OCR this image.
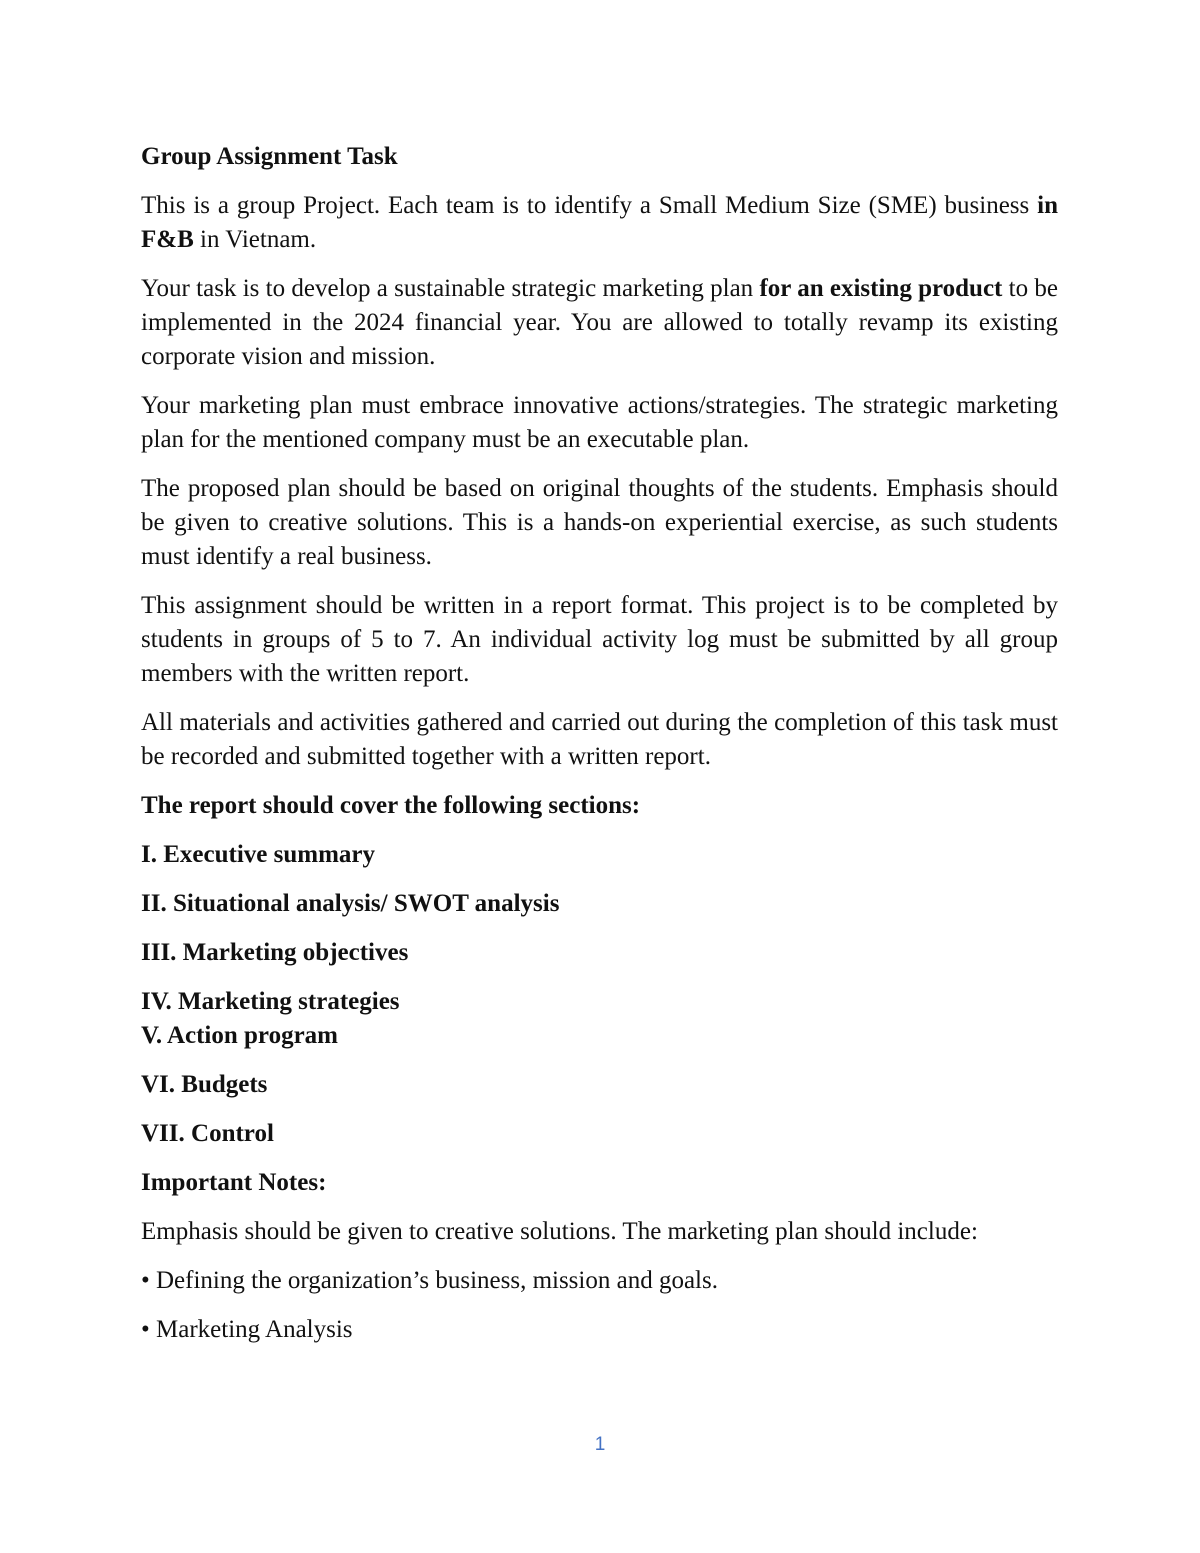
Group Assignment Task

This is a group Project. Each team is to identify a Small Medium Size (SME) business in F&B in Vietnam.

Your task is to develop a sustainable strategic marketing plan for an existing product to be implemented in the 2024 financial year. You are allowed to totally revamp its existing corporate vision and mission.

Your marketing plan must embrace innovative actions/strategies. The strategic marketing plan for the mentioned company must be an executable plan.

The proposed plan should be based on original thoughts of the students. Emphasis should be given to creative solutions. This is a hands-on experiential exercise, as such students must identify a real business.

This assignment should be written in a report format. This project is to be completed by students in groups of 5 to 7. An individual activity log must be submitted by all group members with the written report.

All materials and activities gathered and carried out during the completion of this task must be recorded and submitted together with a written report.

The report should cover the following sections:

I. Executive summary

II. Situational analysis/ SWOT analysis

III. Marketing objectives

IV. Marketing strategies

V. Action program

VI. Budgets

VII. Control

Important Notes:

Emphasis should be given to creative solutions. The marketing plan should include:

• Defining the organization’s business, mission and goals.

• Marketing Analysis

1
